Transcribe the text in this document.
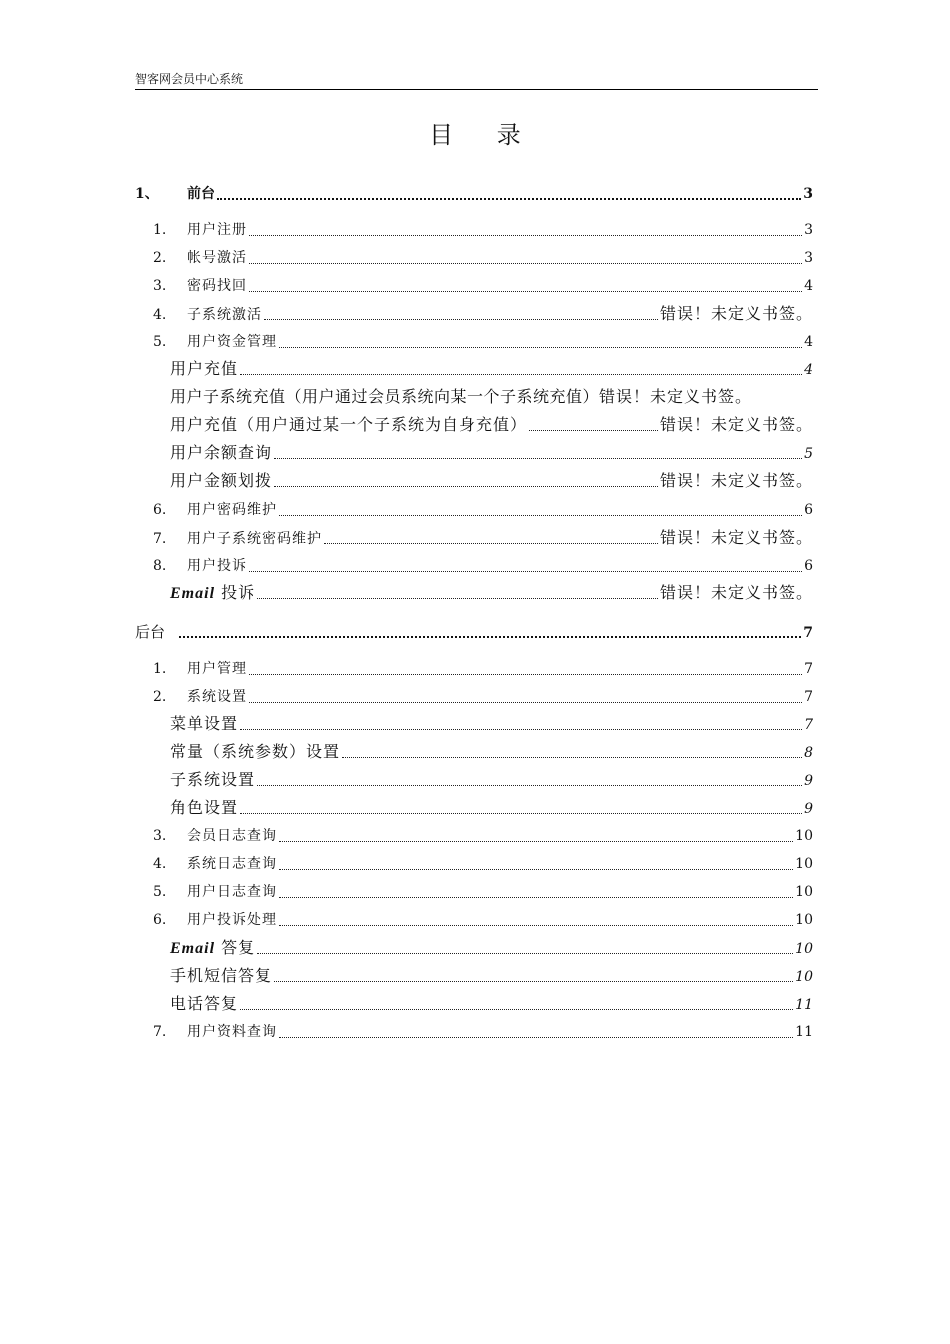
智客网会员中心系统
目 录
1、	前台	3
1.	用户注册	3
2.	帐号激活	3
3.	密码找回	4
4.	子系统激活	错误！未定义书签。
5.	用户资金管理	4
用户充值	4
用户子系统充值（用户通过会员系统向某一个子系统充值） 错误！未定义书签。
用户充值（用户通过某一个子系统为自身充值）	错误！未定义书签。
用户余额查询	5
用户金额划拨	错误！未定义书签。
6.	用户密码维护	6
7.	用户子系统密码维护	错误！未定义书签。
8.	用户投诉	6
Email 投诉	错误！未定义书签。
后台	7
1.	用户管理	7
2.	系统设置	7
菜单设置	7
常量（系统参数）设置	8
子系统设置	9
角色设置	9
3.	会员日志查询	10
4.	系统日志查询	10
5.	用户日志查询	10
6.	用户投诉处理	10
Email 答复	10
手机短信答复	10
电话答复	11
7.	用户资料查询	11
